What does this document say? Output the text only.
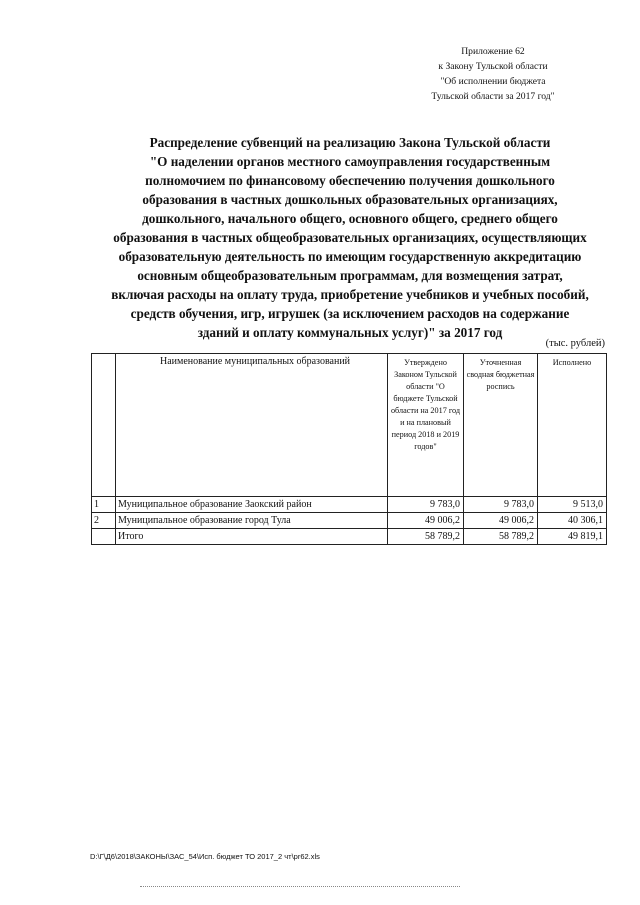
Приложение 62
к Закону Тульской области
"Об исполнении бюджета
Тульской области за 2017 год"
Распределение субвенций на реализацию Закона Тульской области
"О наделении органов местного самоуправления государственным
полномочием по финансовому обеспечению получения дошкольного
образования в частных дошкольных образовательных организациях,
дошкольного, начального общего, основного общего, среднего общего
образования в частных общеобразовательных организациях, осуществляющих
образовательную деятельность по имеющим государственную аккредитацию
основным общеобразовательным программам, для возмещения затрат,
включая расходы на оплату труда, приобретение учебников и учебных пособий,
средств обучения, игр, игрушек (за исключением расходов на содержание
зданий и оплату коммунальных услуг)" за 2017 год
(тыс. рублей)
	Наименование муниципальных образований	Утверждено Законом Тульской области "О бюджете Тульской области на 2017 год и на плановый период 2018 и 2019 годов"	Уточненная сводная бюджетная роспись	Исполнено
1	Муниципальное образование Заокский район	9 783,0	9 783,0	9 513,0
2	Муниципальное образование город Тула	49 006,2	49 006,2	40 306,1
	Итого	58 789,2	58 789,2	49 819,1
D:\Г\Д6\2018\ЗАКОНЫ\ЗАС_54\Исп. бюджет ТО 2017_2 чт\pr62.xls
